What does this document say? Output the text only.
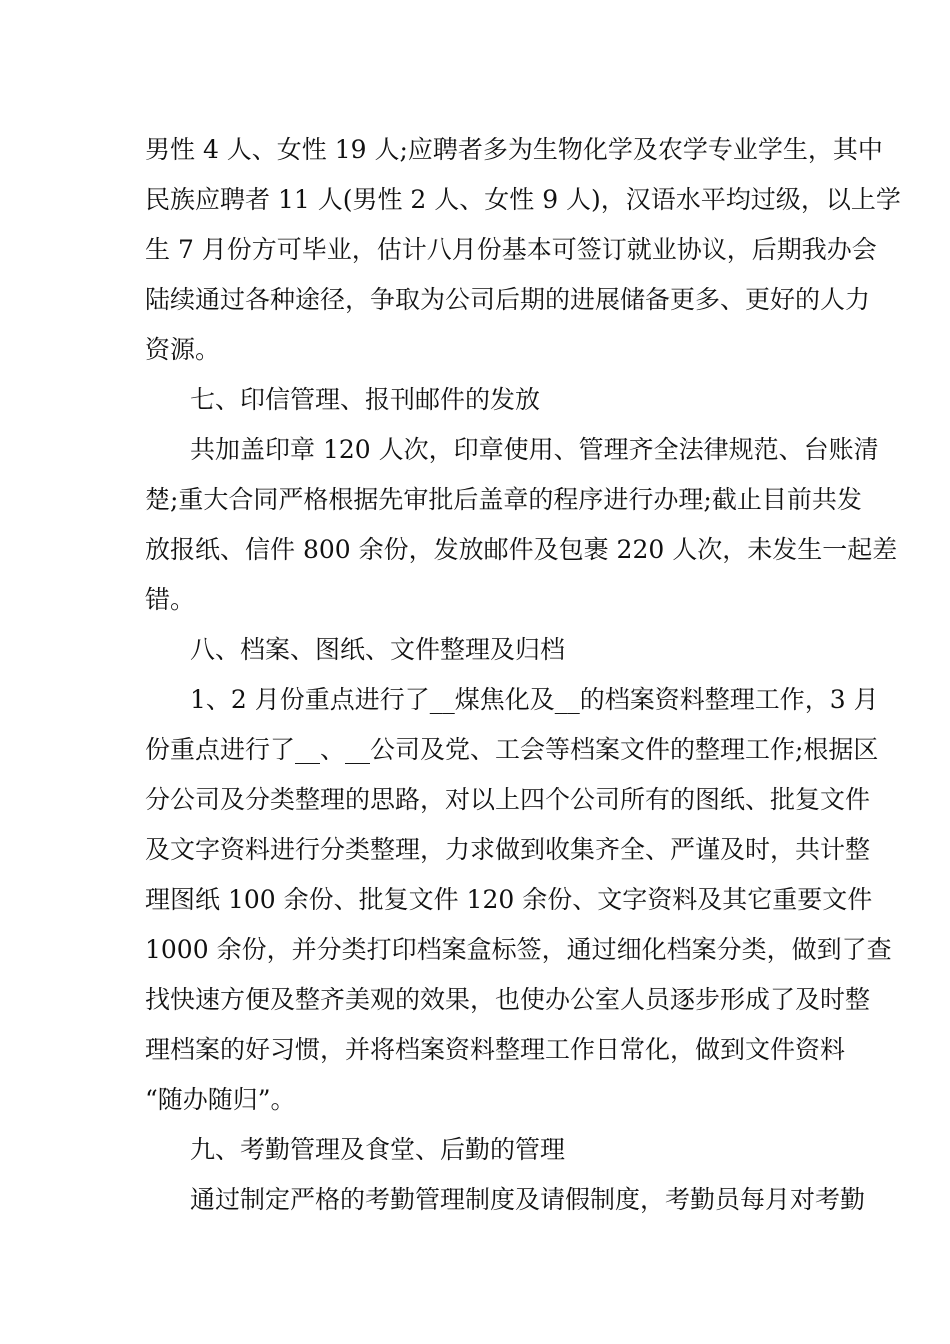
男性 4 人、女性 19 人;应聘者多为生物化学及农学专业学生，其中
民族应聘者 11 人(男性 2 人、女性 9 人)，汉语水平均过级，以上学
生 7 月份方可毕业，估计八月份基本可签订就业协议，后期我办会
陆续通过各种途径，争取为公司后期的进展储备更多、更好的人力
资源。
七、印信管理、报刊邮件的发放
共加盖印章 120 人次，印章使用、管理齐全法律规范、台账清
楚;重大合同严格根据先审批后盖章的程序进行办理;截止目前共发
放报纸、信件 800 余份，发放邮件及包裹 220 人次，未发生一起差
错。
八、档案、图纸、文件整理及归档
1、2 月份重点进行了__煤焦化及__的档案资料整理工作，3 月
份重点进行了__、__公司及党、工会等档案文件的整理工作;根据区
分公司及分类整理的思路，对以上四个公司所有的图纸、批复文件
及文字资料进行分类整理，力求做到收集齐全、严谨及时，共计整
理图纸 100 余份、批复文件 120 余份、文字资料及其它重要文件
1000 余份，并分类打印档案盒标签，通过细化档案分类，做到了查
找快速方便及整齐美观的效果，也使办公室人员逐步形成了及时整
理档案的好习惯，并将档案资料整理工作日常化，做到文件资料
“随办随归”。
九、考勤管理及食堂、后勤的管理
通过制定严格的考勤管理制度及请假制度，考勤员每月对考勤
